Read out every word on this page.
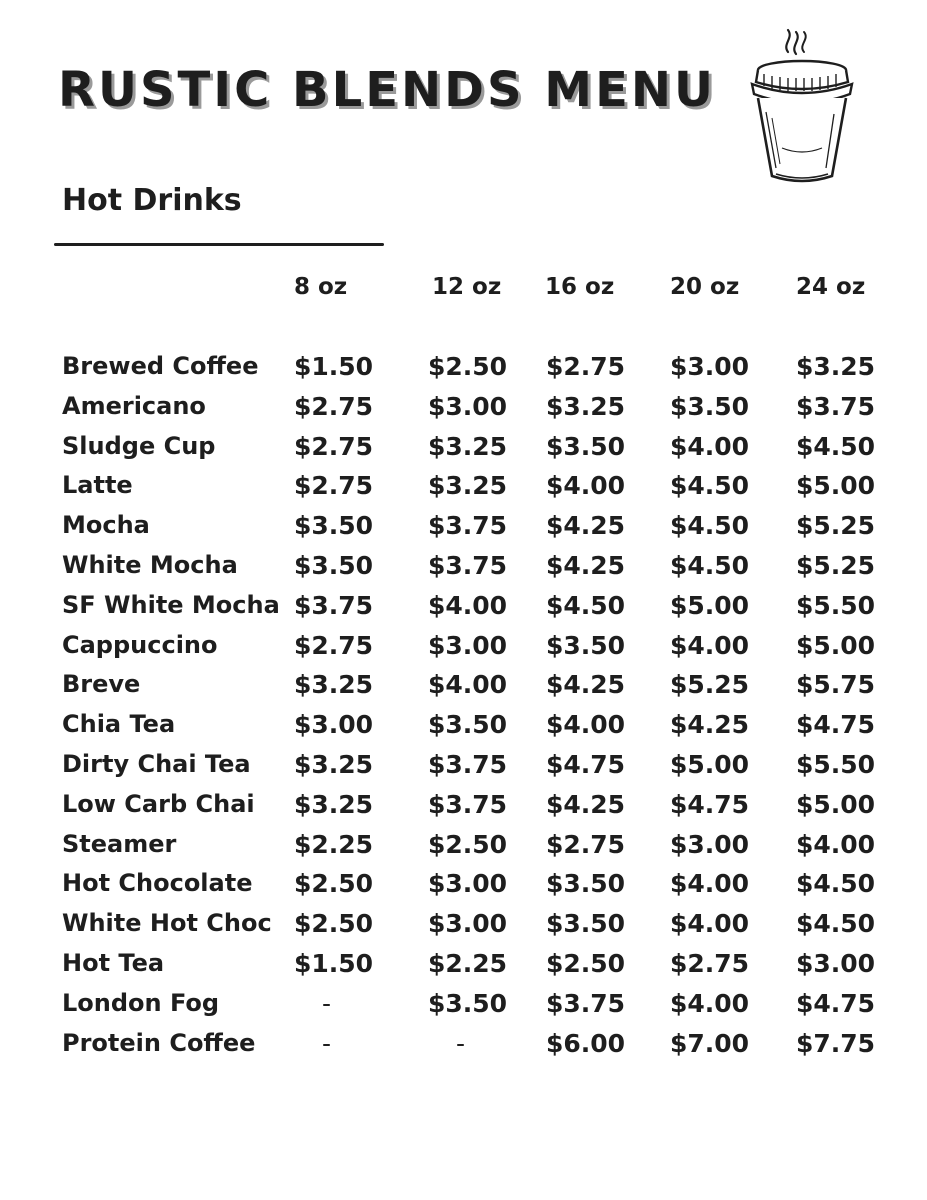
RUSTIC BLENDS MENU
Hot Drinks
8 oz	12 oz 16 oz 20 oz 24 oz
Brewed Coffee $1.50 $2.50 $2.75 $3.00 $3.25
Americano	$2.75 $3.00 $3.25 $3.50 $3.75
Sludge Cup	$2.75 $3.25 $3.50 $4.00 $4.50
Latte	$2.75 $3.25 $4.00 $4.50 $5.00
Mocha	$3.50 $3.75 $4.25 $4.50 $5.25
White Mocha $3.50 $3.75 $4.25 $4.50 $5.25
SF White Mocha $3.75 $4.00 $4.50 $5.00 $5.50
Cappuccino	$2.75 $3.00 $3.50 $4.00 $5.00
Breve	$3.25 $4.00 $4.25 $5.25 $5.75
Chia Tea	$3.00 $3.50 $4.00 $4.25 $4.75
Dirty Chai Tea $3.25 $3.75 $4.75 $5.00 $5.50
Low Carb Chai $3.25 $3.75 $4.25 $4.75 $5.00
Steamer	$2.25 $2.50 $2.75 $3.00 $4.00
Hot Chocolate $2.50 $3.00 $3.50 $4.00 $4.50
White Hot Choc $2.50 $3.00 $3.50 $4.00 $4.50
Hot Tea	$1.50 $2.25 $2.50 $2.75 $3.00
London Fog	-	$3.50 $3.75 $4.00 $4.75
Protein Coffee	-	-	$6.00 $7.00 $7.75
